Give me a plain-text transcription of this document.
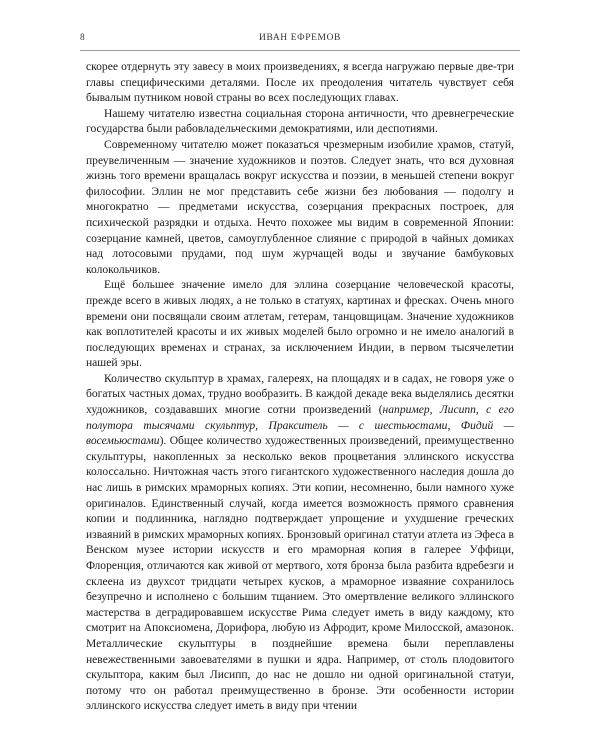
8	ИВАН ЕФРЕМОВ

скорее отдернуть эту завесу в моих произведениях, я всегда нагружаю первые две-три главы специфическими деталями. После их преодоления читатель чувствует себя бывалым путником новой страны во всех последующих главах.

Нашему читателю известна социальная сторона античности, что древнегреческие государства были рабовладельческими демократиями, или деспотиями.

Современному читателю может показаться чрезмерным изобилие храмов, статуй, преувеличенным — значение художников и поэтов. Следует знать, что вся духовная жизнь того времени вращалась вокруг искусства и поэзии, в меньшей степени вокруг философии. Эллин не мог представить себе жизни без любования — подолгу и многократно — предметами искусства, созерцания прекрасных построек, для психической разрядки и отдыха. Нечто похожее мы видим в современной Японии: созерцание камней, цветов, самоуглубленное слияние с природой в чайных домиках над лотосовыми прудами, под шум журчащей воды и звучание бамбуковых колокольчиков.

Ещё большее значение имело для эллина созерцание человеческой красоты, прежде всего в живых людях, а не только в статуях, картинах и фресках. Очень много времени они посвящали своим атлетам, гетерам, танцовщицам. Значение художников как воплотителей красоты и их живых моделей было огромно и не имело аналогий в последующих временах и странах, за исключением Индии, в первом тысячелетии нашей эры.

Количество скульптур в храмах, галереях, на площадях и в садах, не говоря уже о богатых частных домах, трудно вообразить. В каждой декаде века выделялись десятки художников, создававших многие сотни произведений (например, Лисипп, с его полутора тысячами скульптур, Пракситель — с шестьюстами, Фидий — восемьюстами). Общее количество художественных произведений, преимущественно скульптуры, накопленных за несколько веков процветания эллинского искусства колоссально. Ничтожная часть этого гигантского художественного наследия дошла до нас лишь в римских мраморных копиях. Эти копии, несомненно, были намного хуже оригиналов. Единственный случай, когда имеется возможность прямого сравнения копии и подлинника, наглядно подтверждает упрощение и ухудшение греческих изваяний в римских мраморных копиях. Бронзовый оригинал статуи атлета из Эфеса в Венском музее истории искусств и его мраморная копия в галерее Уффици, Флоренция, отличаются как живой от мертвого, хотя бронза была разбита вдребезги и склеена из двухсот тридцати четырех кусков, а мраморное изваяние сохранилось безупречно и исполнено с большим тщанием. Это омертвление великого эллинского мастерства в деградировавшем искусстве Рима следует иметь в виду каждому, кто смотрит на Апоксиомена, Дорифора, любую из Афродит, кроме Милосской, амазонок. Металлические скульптуры в позднейшие времена были переплавлены невежественными завоевателями в пушки и ядра. Например, от столь плодовитого скульптора, каким был Лисипп, до нас не дошло ни одной оригинальной статуи, потому что он работал преимущественно в бронзе. Эти особенности истории эллинского искусства следует иметь в виду при чтении
